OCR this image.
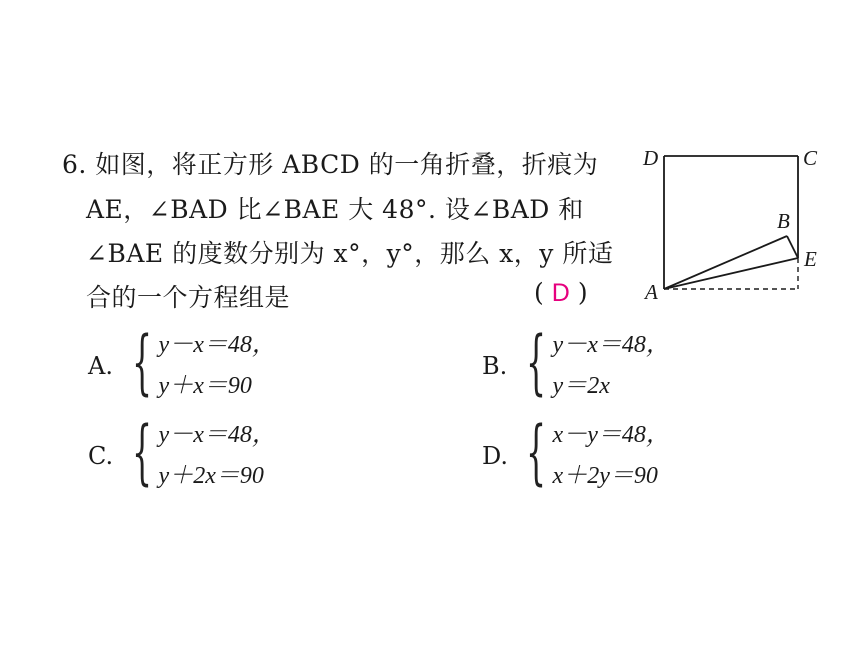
6. 如图，将正方形 ABCD 的一角折叠，折痕为
AE，∠BAD 比∠BAE 大 48°. 设∠BAD 和
∠BAE 的度数分别为 x°，y°，那么 x，y 所适
合的一个方程组是	( D )
A. { y－x＝48，
y＋x＝90
B. { y－x＝48，
y＝2x
C. { y－x＝48，
y＋2x＝90
D. { x－y＝48，
x＋2y＝90
D	C
B
E
A
